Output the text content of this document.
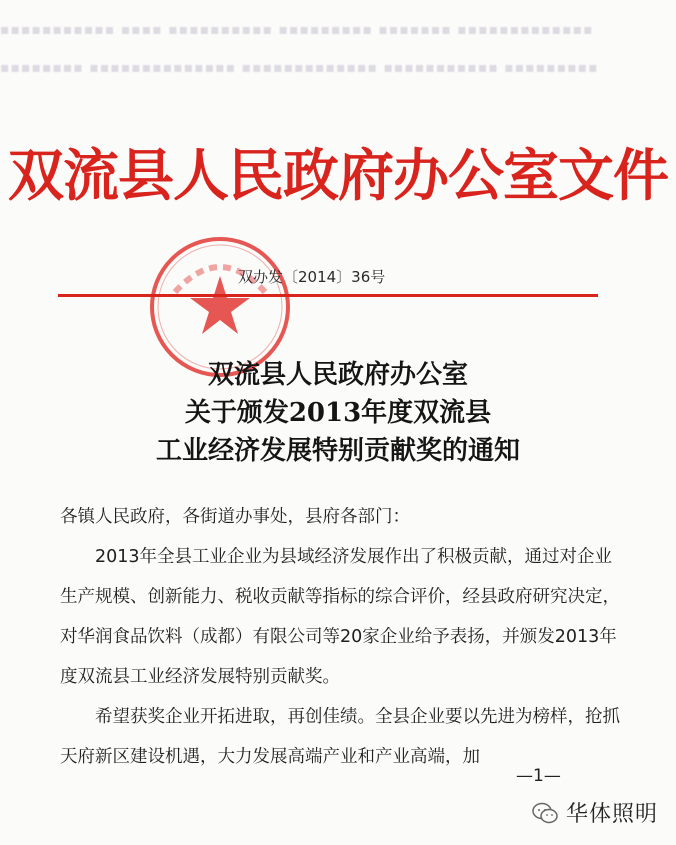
▪▪▪▪▪▪▪▪▪▪▪ ▪▪▪▪ ▪▪▪▪▪▪▪▪▪▪ ▪▪▪▪▪▪▪▪▪ ▪▪▪▪▪▪▪ ▪▪▪▪▪▪▪▪▪▪▪▪▪
▪▪▪▪▪▪▪▪ ▪▪▪▪▪▪▪▪▪▪▪▪▪▪ ▪▪▪▪▪▪▪▪▪▪▪▪▪ ▪▪▪▪▪▪▪▪▪▪▪ ▪▪▪▪▪▪▪▪▪
双流县人民政府办公室文件
双办发〔2014〕36号
双流县人民政府办公室
关于颁发2013年度双流县
工业经济发展特别贡献奖的通知

各镇人民政府，各街道办事处，县府各部门：

2013年全县工业企业为县域经济发展作出了积极贡献，通过对企业生产规模、创新能力、税收贡献等指标的综合评价，经县政府研究决定，对华润食品饮料（成都）有限公司等20家企业给予表扬，并颁发2013年度双流县工业经济发展特别贡献奖。

希望获奖企业开拓进取，再创佳绩。全县企业要以先进为榜样，抢抓天府新区建设机遇，大力发展高端产业和产业高端，加

—1—
华体照明
